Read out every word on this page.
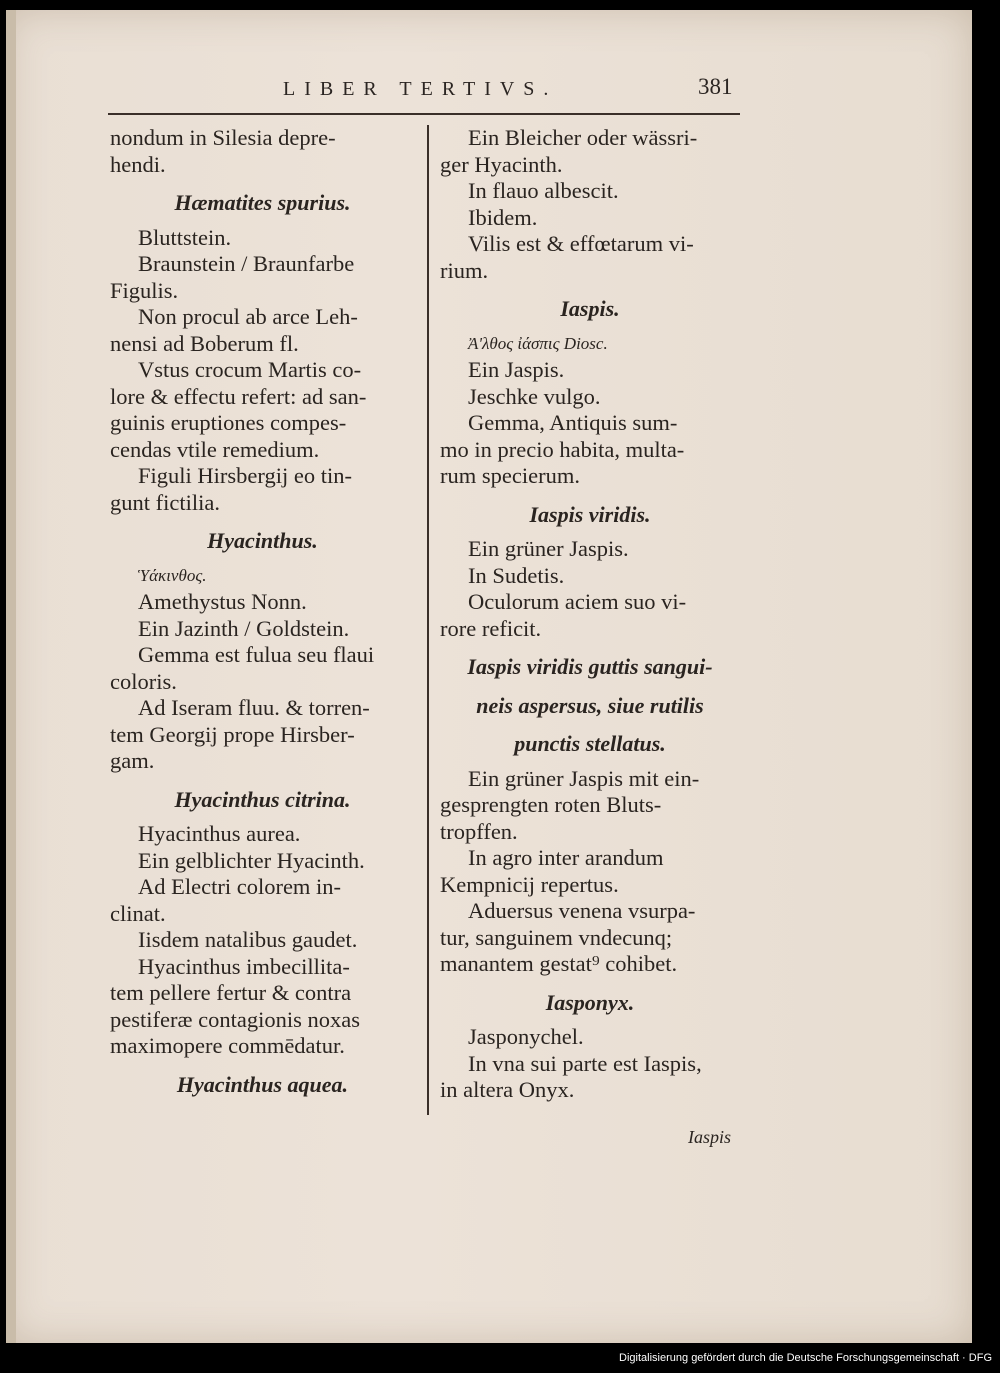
LIBER TERTIVS.	381
nondum in Silesia depre-
hendi.
Hæmatites spurius.
Bluttstein.
Braunstein / Braunfarbe
Figulis.
Non procul ab arce Leh-
nensi ad Boberum fl.
Vstus crocum Martis co-
lore & effectu refert: ad san-
guinis eruptiones compes-
cendas vtile remedium.
Figuli Hirsbergij eo tin-
gunt fictilia.
Hyacinthus.
Ὑάκινθος.
Amethystus Nonn.
Ein Jazinth / Goldstein.
Gemma est fulua seu flaui
coloris.
Ad Iseram fluu. & torren-
tem Georgij prope Hirsber-
gam.
Hyacinthus citrina.
Hyacinthus aurea.
Ein gelblichter Hyacinth.
Ad Electri colorem in-
clinat.
Iisdem natalibus gaudet.
Hyacinthus imbecillita-
tem pellere fertur & contra
pestiferæ contagionis noxas
maximopere commēdatur.
Hyacinthus aquea.
Ein Bleicher oder wässri-
ger Hyacinth.
In flauo albescit.
Ibidem.
Vilis est & effœtarum vi-
rium.
Iaspis.
Ἀ'λθος ἰάσπις Diosc.
Ein Jaspis.
Jeschke vulgo.
Gemma, Antiquis sum-
mo in precio habita, multa-
rum specierum.
Iaspis viridis.
Ein grüner Jaspis.
In Sudetis.
Oculorum aciem suo vi-
rore reficit.
Iaspis viridis guttis sangui-
neis aspersus, siue rutilis
punctis stellatus.
Ein grüner Jaspis mit ein-
gesprengten roten Bluts-
tropffen.
In agro inter arandum
Kempnicij repertus.
Aduersus venena vsurpa-
tur, sanguinem vndecunq;
manantem gestat⁹ cohibet.
Iasponyx.
Jasponychel.
In vna sui parte est Iaspis,
in altera Onyx.
Iaspis
Digitalisierung gefördert durch die Deutsche Forschungsgemeinschaft · DFG
